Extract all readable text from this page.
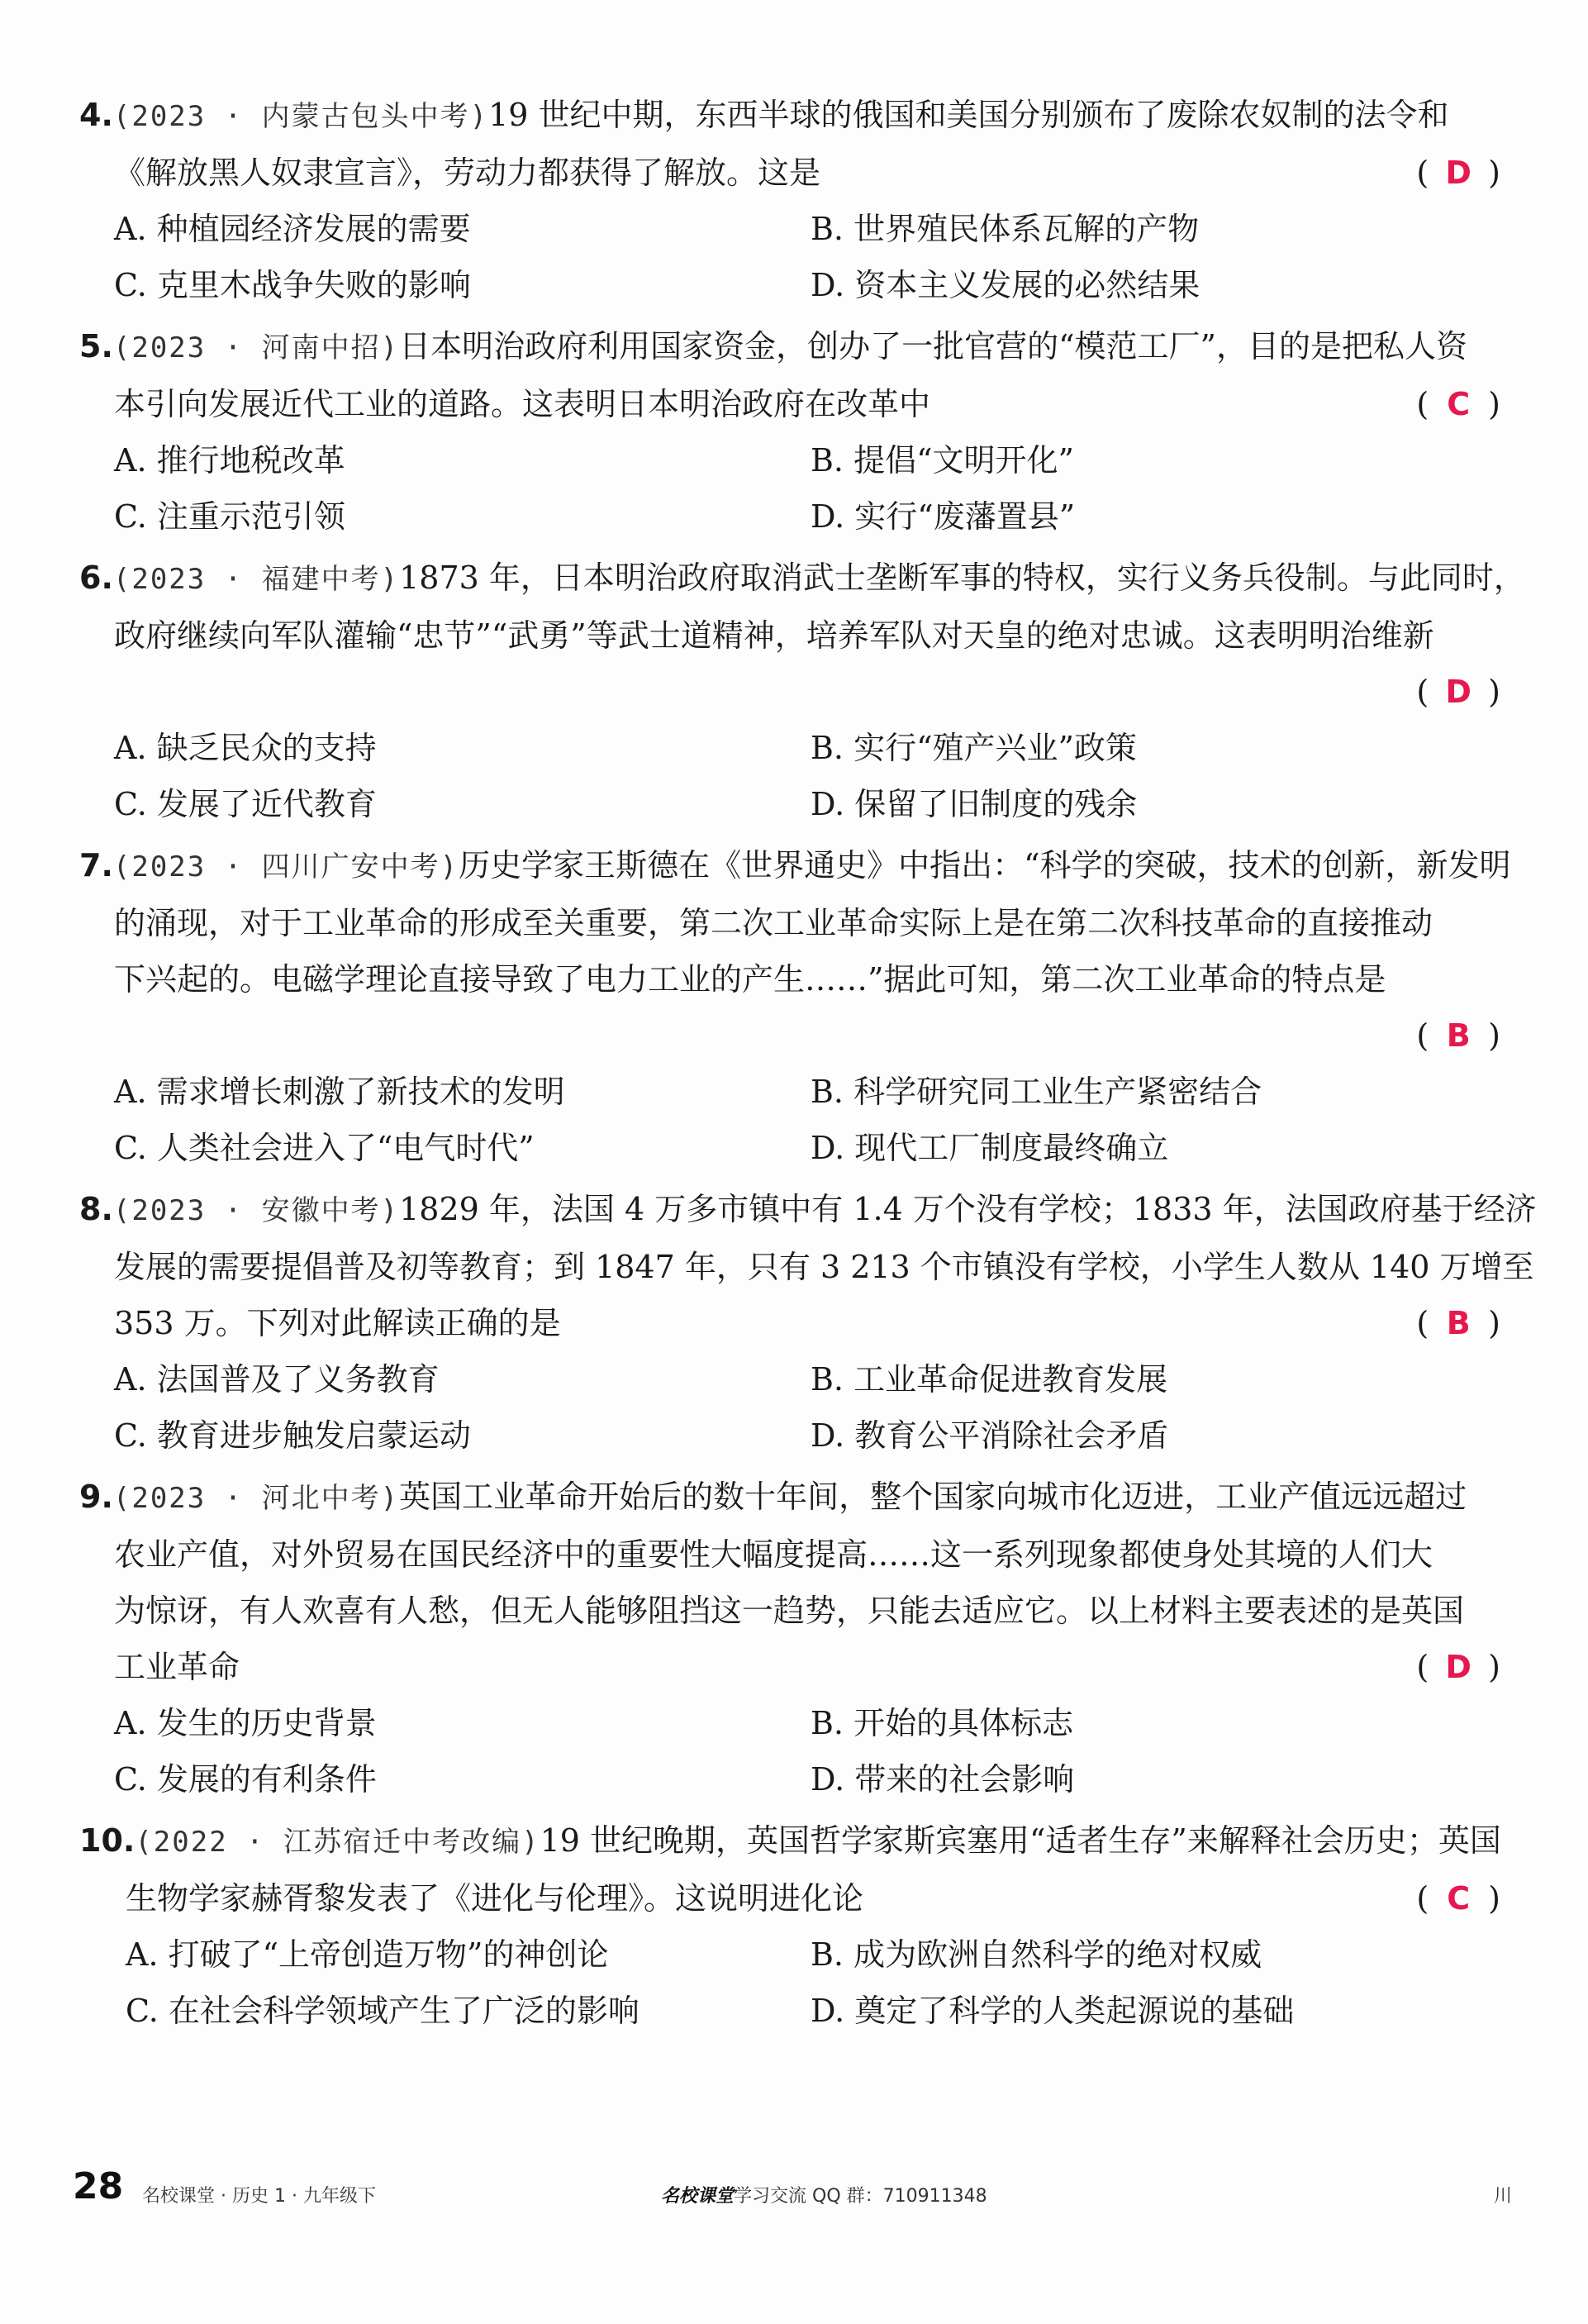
4.(2023 · 内蒙古包头中考)19 世纪中期，东西半球的俄国和美国分别颁布了废除农奴制的法令和
《解放黑人奴隶宣言》，劳动力都获得了解放。这是	( D )
A. 种植园经济发展的需要	B. 世界殖民体系瓦解的产物
C. 克里木战争失败的影响	D. 资本主义发展的必然结果
5.(2023 · 河南中招)日本明治政府利用国家资金，创办了一批官营的“模范工厂”，目的是把私人资
本引向发展近代工业的道路。这表明日本明治政府在改革中	( C )
A. 推行地税改革	B. 提倡“文明开化”
C. 注重示范引领	D. 实行“废藩置县”
6.(2023 · 福建中考)1873 年，日本明治政府取消武士垄断军事的特权，实行义务兵役制。与此同时，
政府继续向军队灌输“忠节”“武勇”等武士道精神，培养军队对天皇的绝对忠诚。这表明明治维新
( D )
A. 缺乏民众的支持	B. 实行“殖产兴业”政策
C. 发展了近代教育	D. 保留了旧制度的残余
7.(2023 · 四川广安中考)历史学家王斯德在《世界通史》中指出：“科学的突破，技术的创新，新发明
的涌现，对于工业革命的形成至关重要，第二次工业革命实际上是在第二次科技革命的直接推动
下兴起的。电磁学理论直接导致了电力工业的产生……”据此可知，第二次工业革命的特点是
( B )
A. 需求增长刺激了新技术的发明	B. 科学研究同工业生产紧密结合
C. 人类社会进入了“电气时代”	D. 现代工厂制度最终确立
8.(2023 · 安徽中考)1829 年，法国 4 万多市镇中有 1.4 万个没有学校；1833 年，法国政府基于经济
发展的需要提倡普及初等教育；到 1847 年，只有 3 213 个市镇没有学校，小学生人数从 140 万增至
353 万。下列对此解读正确的是	( B )
A. 法国普及了义务教育	B. 工业革命促进教育发展
C. 教育进步触发启蒙运动	D. 教育公平消除社会矛盾
9.(2023 · 河北中考)英国工业革命开始后的数十年间，整个国家向城市化迈进，工业产值远远超过
农业产值，对外贸易在国民经济中的重要性大幅度提高……这一系列现象都使身处其境的人们大
为惊讶，有人欢喜有人愁，但无人能够阻挡这一趋势，只能去适应它。以上材料主要表述的是英国
工业革命	( D )
A. 发生的历史背景	B. 开始的具体标志
C. 发展的有利条件	D. 带来的社会影响
10.(2022 · 江苏宿迁中考改编)19 世纪晚期，英国哲学家斯宾塞用“适者生存”来解释社会历史；英国
生物学家赫胥黎发表了《进化与伦理》。这说明进化论	( C )
A. 打破了“上帝创造万物”的神创论	B. 成为欧洲自然科学的绝对权威
C. 在社会科学领域产生了广泛的影响	D. 奠定了科学的人类起源说的基础
28 名校课堂 · 历史 1 · 九年级下	名校课堂学习交流 QQ 群：710911348	川
